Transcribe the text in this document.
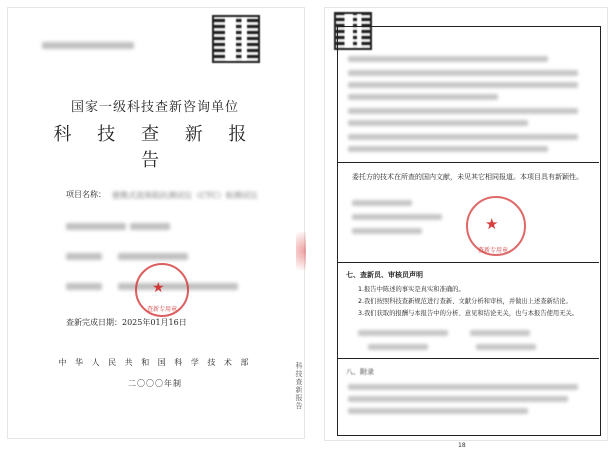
国家一级科技查新咨询单位
科 技 查 新 报 告
项目名称： 便携式流体阻抗测试仪（CTC）检测试仪
★
查新专用章
查新完成日期：2025年01月16日
中 华 人 民 共 和 国 科 学 技 术 部
二〇〇〇年制	科技查新报告
委托方的技术在所查的国内文献，未见其它相同报道。本项目具有新颖性。
★
查新专用章
七、查新员、审核员声明
1.报告中陈述的事实是真实和准确的。
2.我们按照科技查新规范进行查新、文献分析和审核，并做出上述查新结论。
3.我们获取的报酬与本报告中的分析、意见和结论无关，也与本报告使用无关。
八、附录
18
